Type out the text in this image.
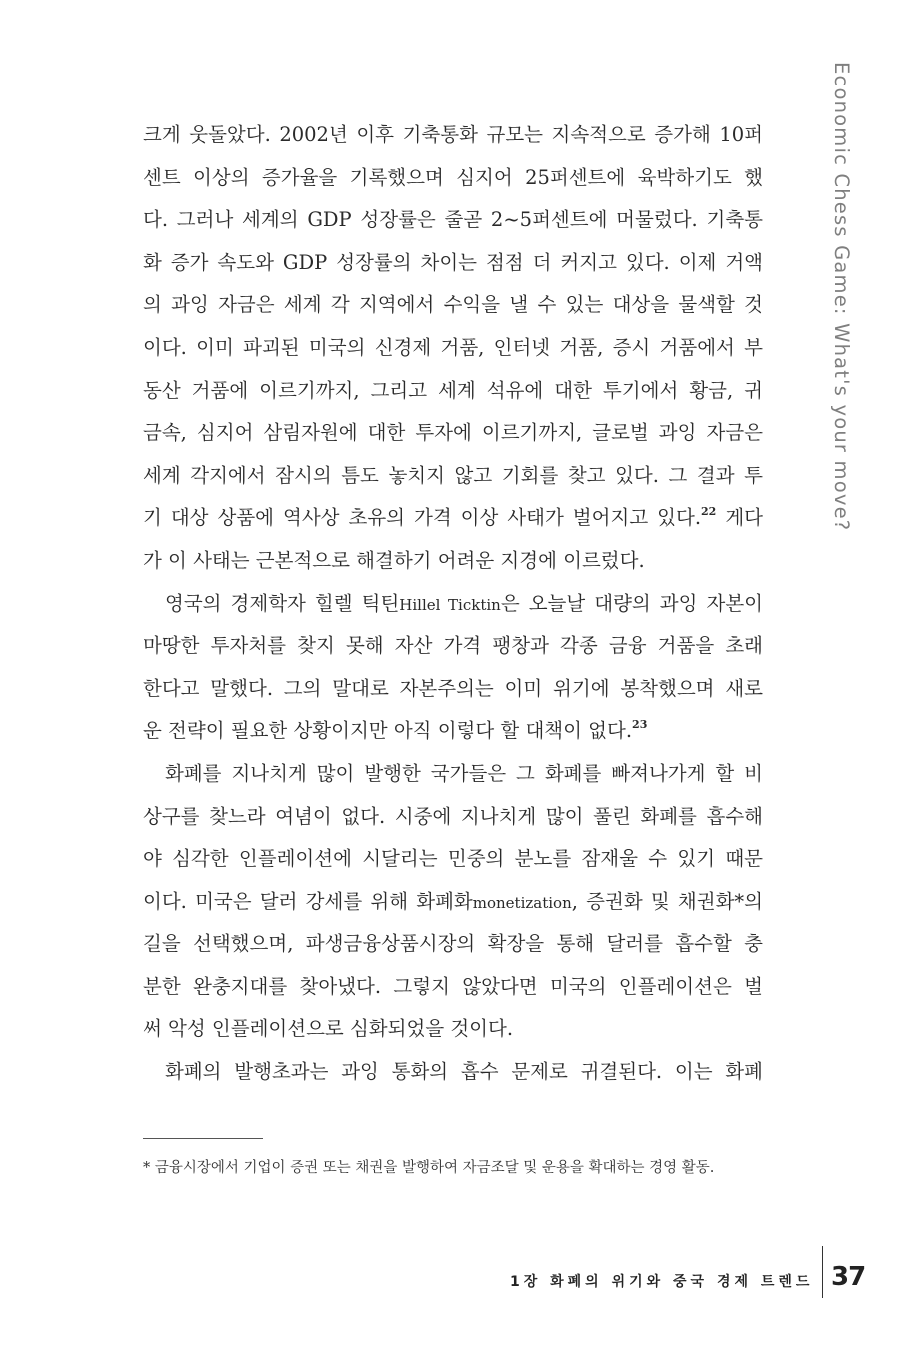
Economic Chess Game: What's your move?
크게 웃돌았다. 2002년 이후 기축통화 규모는 지속적으로 증가해 10퍼
센트 이상의 증가율을 기록했으며 심지어 25퍼센트에 육박하기도 했
다. 그러나 세계의 GDP 성장률은 줄곧 2~5퍼센트에 머물렀다. 기축통
화 증가 속도와 GDP 성장률의 차이는 점점 더 커지고 있다. 이제 거액
의 과잉 자금은 세계 각 지역에서 수익을 낼 수 있는 대상을 물색할 것
이다. 이미 파괴된 미국의 신경제 거품, 인터넷 거품, 증시 거품에서 부
동산 거품에 이르기까지, 그리고 세계 석유에 대한 투기에서 황금, 귀
금속, 심지어 삼림자원에 대한 투자에 이르기까지, 글로벌 과잉 자금은
세계 각지에서 잠시의 틈도 놓치지 않고 기회를 찾고 있다. 그 결과 투
기 대상 상품에 역사상 초유의 가격 이상 사태가 벌어지고 있다.$^{22}$ 게다
가 이 사태는 근본적으로 해결하기 어려운 지경에 이르렀다.
영국의 경제학자 힐렐 틱틴Hillel Ticktin은 오늘날 대량의 과잉 자본이
마땅한 투자처를 찾지 못해 자산 가격 팽창과 각종 금융 거품을 초래
한다고 말했다. 그의 말대로 자본주의는 이미 위기에 봉착했으며 새로
운 전략이 필요한 상황이지만 아직 이렇다 할 대책이 없다.$^{23}$
화폐를 지나치게 많이 발행한 국가들은 그 화폐를 빠져나가게 할 비
상구를 찾느라 여념이 없다. 시중에 지나치게 많이 풀린 화폐를 흡수해
야 심각한 인플레이션에 시달리는 민중의 분노를 잠재울 수 있기 때문
이다. 미국은 달러 강세를 위해 화폐화monetization, 증권화 및 채권화*의
길을 선택했으며, 파생금융상품시장의 확장을 통해 달러를 흡수할 충
분한 완충지대를 찾아냈다. 그렇지 않았다면 미국의 인플레이션은 벌
써 악성 인플레이션으로 심화되었을 것이다.
화폐의 발행초과는 과잉 통화의 흡수 문제로 귀결된다. 이는 화폐
* 금융시장에서 기업이 증권 또는 채권을 발행하여 자금조달 및 운용을 확대하는 경영 활동.
1장 화폐의 위기와 중국 경제 트렌드 37
